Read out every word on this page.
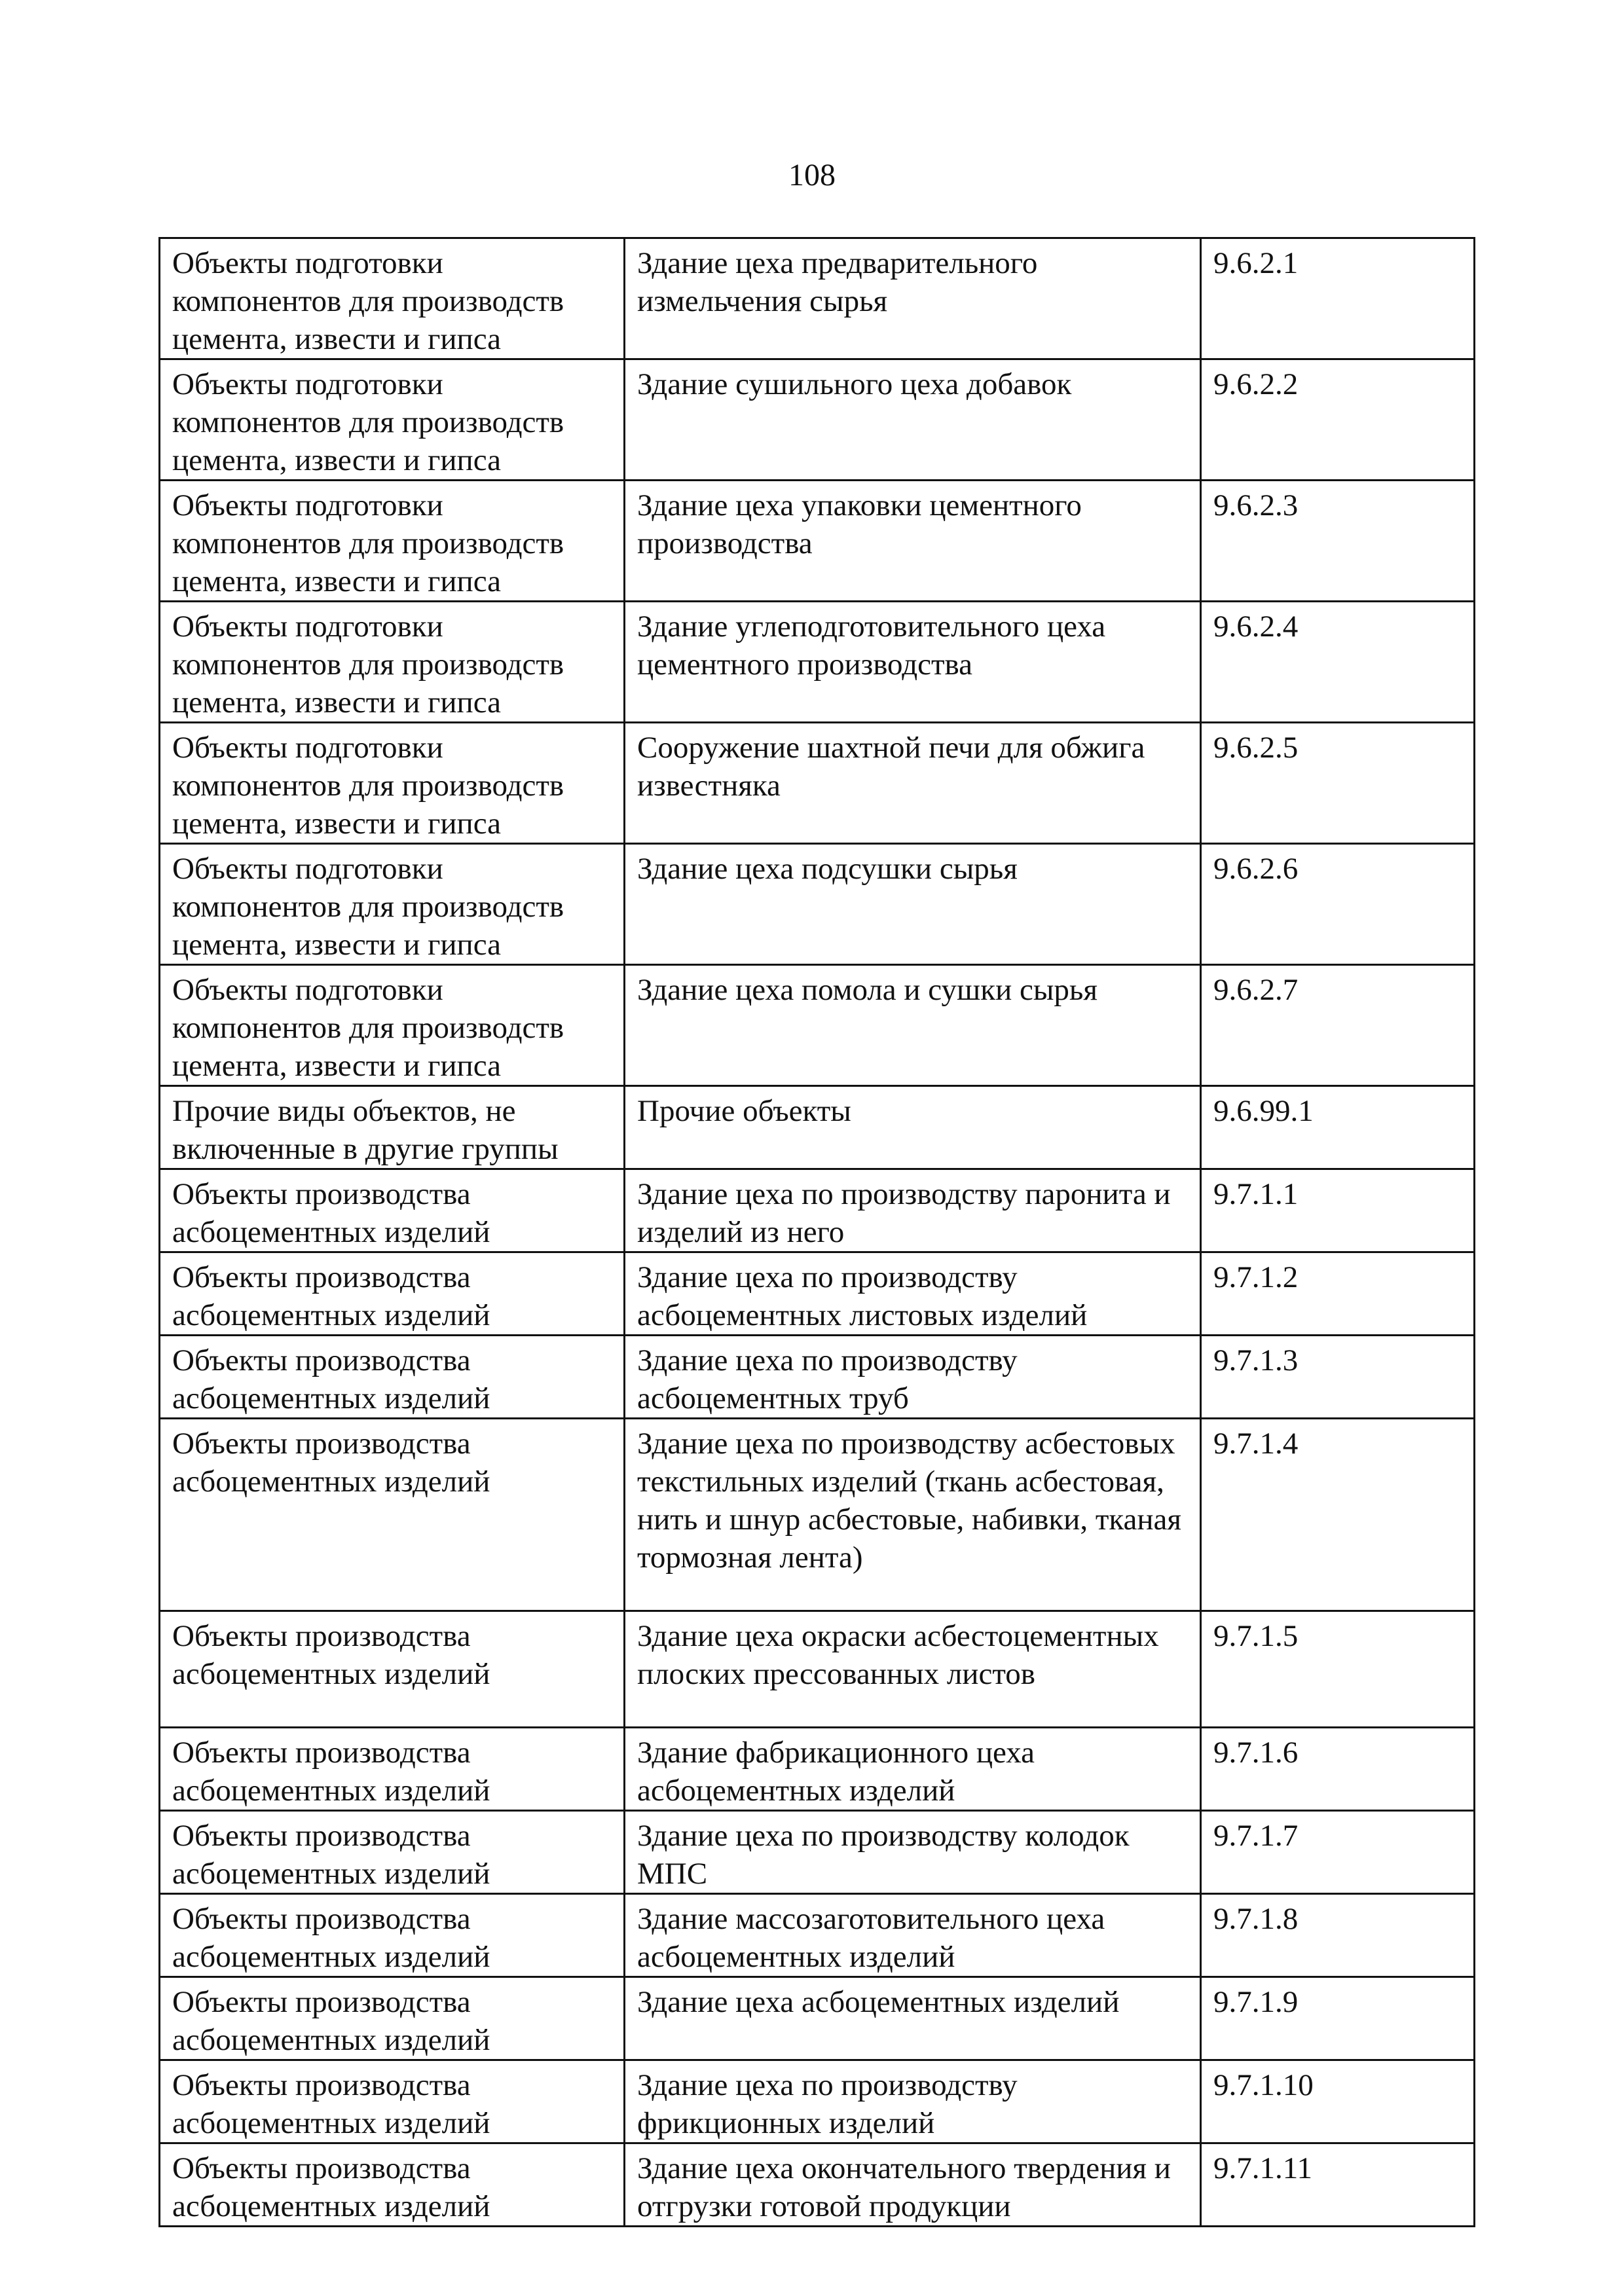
108
Объекты подготовки компонентов для производств цемента, извести и гипса	Здание цеха предварительного измельчения сырья	9.6.2.1
Объекты подготовки компонентов для производств цемента, извести и гипса	Здание сушильного цеха добавок	9.6.2.2
Объекты подготовки компонентов для производств цемента, извести и гипса	Здание цеха упаковки цементного производства	9.6.2.3
Объекты подготовки компонентов для производств цемента, извести и гипса	Здание углеподготовительного цеха цементного производства	9.6.2.4
Объекты подготовки компонентов для производств цемента, извести и гипса	Сооружение шахтной печи для обжига известняка	9.6.2.5
Объекты подготовки компонентов для производств цемента, извести и гипса	Здание цеха подсушки сырья	9.6.2.6
Объекты подготовки компонентов для производств цемента, извести и гипса	Здание цеха помола и сушки сырья	9.6.2.7
Прочие виды объектов, не включенные в другие группы	Прочие объекты	9.6.99.1
Объекты производства асбоцементных изделий	Здание цеха по производству паронита и изделий из него	9.7.1.1
Объекты производства асбоцементных изделий	Здание цеха по производству асбоцементных листовых изделий	9.7.1.2
Объекты производства асбоцементных изделий	Здание цеха по производству асбоцементных труб	9.7.1.3
Объекты производства асбоцементных изделий	Здание цеха по производству асбестовых текстильных изделий (ткань асбестовая, нить и шнур асбестовые, набивки, тканая тормозная лента)	9.7.1.4
Объекты производства асбоцементных изделий	Здание цеха окраски асбестоцементных плоских прессованных листов	9.7.1.5
Объекты производства асбоцементных изделий	Здание фабрикационного цеха асбоцементных изделий	9.7.1.6
Объекты производства асбоцементных изделий	Здание цеха по производству колодок МПС	9.7.1.7
Объекты производства асбоцементных изделий	Здание массозаготовительного цеха асбоцементных изделий	9.7.1.8
Объекты производства асбоцементных изделий	Здание цеха асбоцементных изделий	9.7.1.9
Объекты производства асбоцементных изделий	Здание цеха по производству фрикционных изделий	9.7.1.10
Объекты производства асбоцементных изделий	Здание цеха окончательного твердения и отгрузки готовой продукции	9.7.1.11
